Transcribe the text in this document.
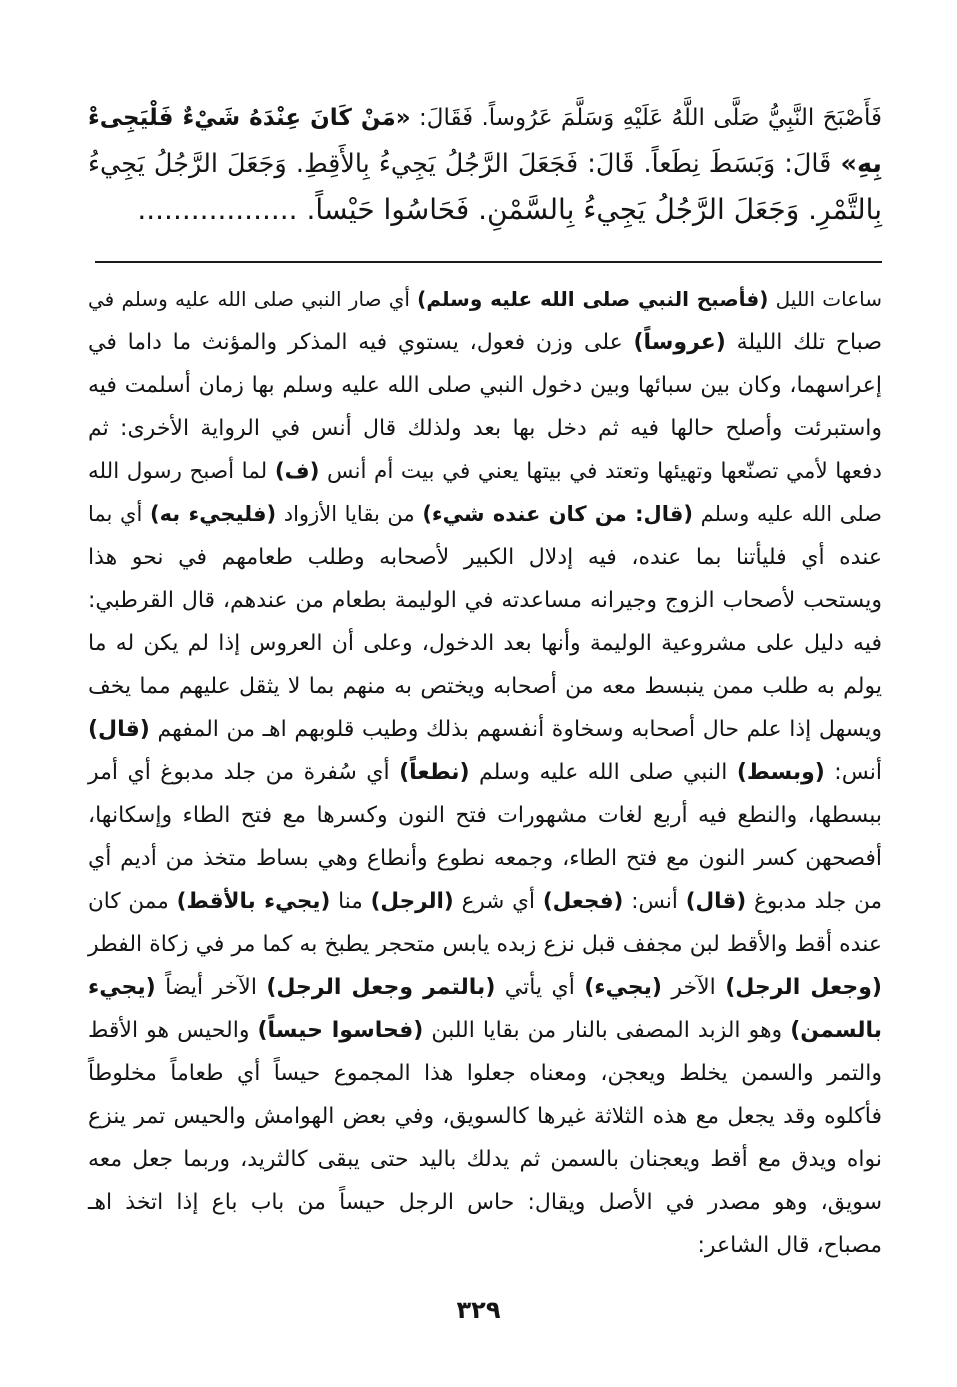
فَأَصْبَحَ النَّبِيُّ صَلَّى اللَّهُ عَلَيْهِ وَسَلَّمَ عَرُوساً. فَقَالَ: «مَنْ كَانَ عِنْدَهُ شَيْءٌ فَلْيَجِىءْ
بِهِ» قَالَ: وَبَسَطَ نِطَعاً. قَالَ: فَجَعَلَ الرَّجُلُ يَجِيءُ بِالأَقِطِ. وَجَعَلَ الرَّجُلُ يَجِيءُ
بِالتَّمْرِ. وَجَعَلَ الرَّجُلُ يَجِيءُ بِالسَّمْنِ. فَحَاسُوا حَيْساً. ..................
ساعات الليل (فأصبح النبي صلى الله عليه وسلم) أي صار النبي صلى الله عليه وسلم في
صباح تلك الليلة (عروساً) على وزن فعول، يستوي فيه المذكر والمؤنث ما داما في
إعراسهما، وكان بين سبائها وبين دخول النبي صلى الله عليه وسلم بها زمان أسلمت فيه
واستبرئت وأصلح حالها فيه ثم دخل بها بعد ولذلك قال أنس في الرواية الأخرى: ثم
دفعها لأمي تصنّعها وتهيئها وتعتد في بيتها يعني في بيت أم أنس (ف) لما أصبح رسول الله
صلى الله عليه وسلم (قال: من كان عنده شيء) من بقايا الأزواد (فليجيء به) أي بما
عنده أي فليأتنا بما عنده، فيه إدلال الكبير لأصحابه وطلب طعامهم في نحو هذا
ويستحب لأصحاب الزوج وجيرانه مساعدته في الوليمة بطعام من عندهم، قال القرطبي:
فيه دليل على مشروعية الوليمة وأنها بعد الدخول، وعلى أن العروس إذا لم يكن له ما
يولم به طلب ممن ينبسط معه من أصحابه ويختص به منهم بما لا يثقل عليهم مما يخف
ويسهل إذا علم حال أصحابه وسخاوة أنفسهم بذلك وطيب قلوبهم اهـ من المفهم (قال)
أنس: (وبسط) النبي صلى الله عليه وسلم (نطعاً) أي سُفرة من جلد مدبوغ أي أمر
ببسطها، والنطع فيه أربع لغات مشهورات فتح النون وكسرها مع فتح الطاء وإسكانها،
أفصحهن كسر النون مع فتح الطاء، وجمعه نطوع وأنطاع وهي بساط متخذ من أديم أي
من جلد مدبوغ (قال) أنس: (فجعل) أي شرع (الرجل) منا (يجيء بالأقط) ممن كان
عنده أقط والأقط لبن مجفف قبل نزع زبده يابس متحجر يطبخ به كما مر في زكاة الفطر
(وجعل الرجل) الآخر (يجيء) أي يأتي (بالتمر وجعل الرجل) الآخر أيضاً (يجيء
بالسمن) وهو الزبد المصفى بالنار من بقايا اللبن (فحاسوا حيساً) والحيس هو الأقط
والتمر والسمن يخلط ويعجن، ومعناه جعلوا هذا المجموع حيساً أي طعاماً مخلوطاً
فأكلوه وقد يجعل مع هذه الثلاثة غيرها كالسويق، وفي بعض الهوامش والحيس تمر ينزع
نواه ويدق مع أقط ويعجنان بالسمن ثم يدلك باليد حتى يبقى كالثريد، وربما جعل معه
سويق، وهو مصدر في الأصل ويقال: حاس الرجل حيساً من باب باع إذا اتخذ اهـ
مصباح، قال الشاعر:
٣٢٩
